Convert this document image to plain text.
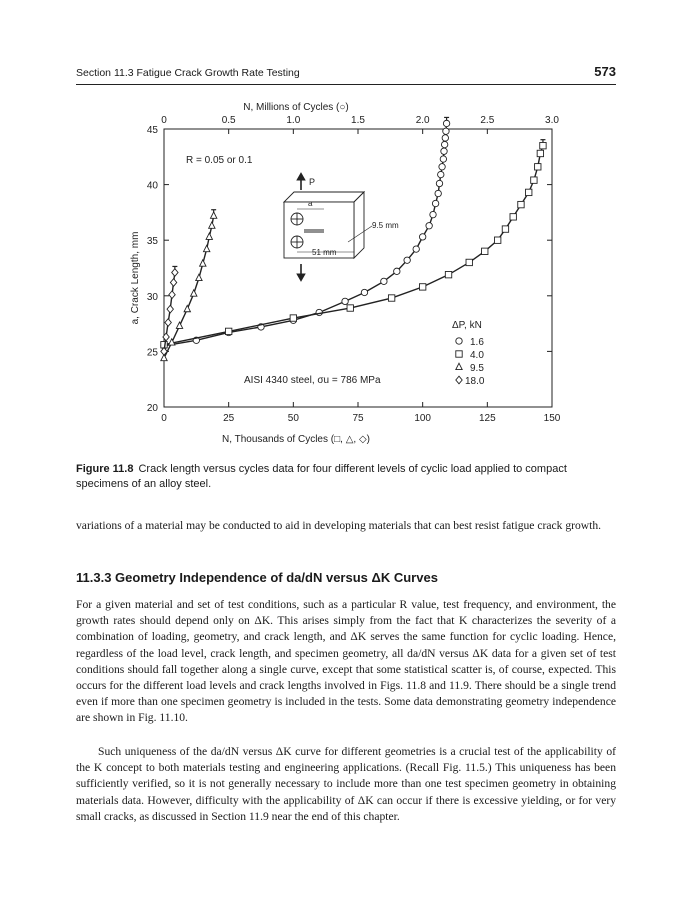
Section 11.3 Fatigue Crack Growth Rate Testing	573
0	25	50	75	100	125	150
0	0.5	1.0	1.5	2.0	2.5	3.0
20
25
30
35
40
45
P
a
9.5 mm
51 mm
N, Millions of Cycles (○)
N, Thousands of Cycles (□, △, ◇)
a, Crack Length, mm
R = 0.05 or 0.1
AISI 4340 steel, σu = 786 MPa
ΔP, kN
1.6
4.0
9.5
18.0
Figure 11.8 Crack length versus cycles data for four different levels of cyclic load applied to compact specimens of an alloy steel.

variations of a material may be conducted to aid in developing materials that can best resist fatigue crack growth.

11.3.3 Geometry Independence of da/dN versus ΔK Curves

For a given material and set of test conditions, such as a particular R value, test frequency, and environment, the growth rates should depend only on ΔK. This arises simply from the fact that K characterizes the severity of a combination of loading, geometry, and crack length, and ΔK serves the same function for cyclic loading. Hence, regardless of the load level, crack length, and specimen geometry, all da/dN versus ΔK data for a given set of test conditions should fall together along a single curve, except that some statistical scatter is, of course, expected. This occurs for the different load levels and crack lengths involved in Figs. 11.8 and 11.9. There should be a single trend even if more than one specimen geometry is included in the tests. Some data demonstrating geometry independence are shown in Fig. 11.10.

Such uniqueness of the da/dN versus ΔK curve for different geometries is a crucial test of the applicability of the K concept to both materials testing and engineering applications. (Recall Fig. 11.5.) This uniqueness has been sufficiently verified, so it is not generally necessary to include more than one test specimen geometry in obtaining materials data. However, difficulty with the applicability of ΔK can occur if there is excessive yielding, or for very small cracks, as discussed in Section 11.9 near the end of this chapter.
